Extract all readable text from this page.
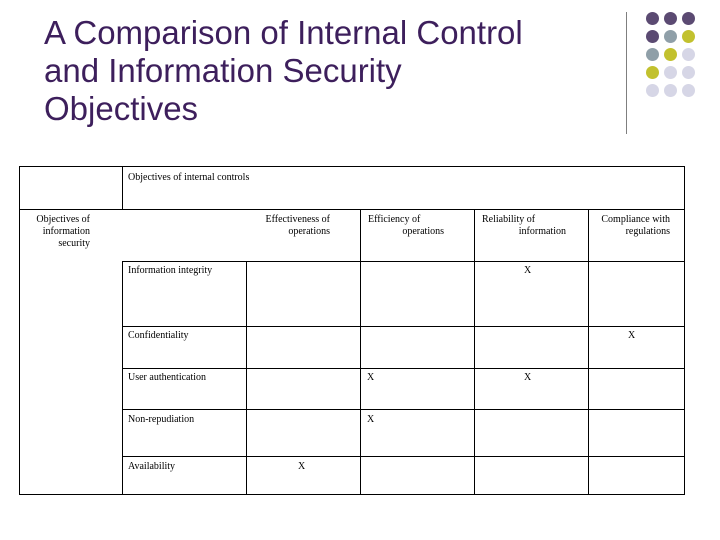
A Comparison of Internal Control
and Information Security
Objectives
Objectives of internal controls
Objectives of
information
security
Effectiveness of
operations
Efficiency of
operations
Reliability of
information
Compliance with
regulations
Information integrity
Confidentiality
User authentication
Non-repudiation
Availability
X
X
X	X
X
X
